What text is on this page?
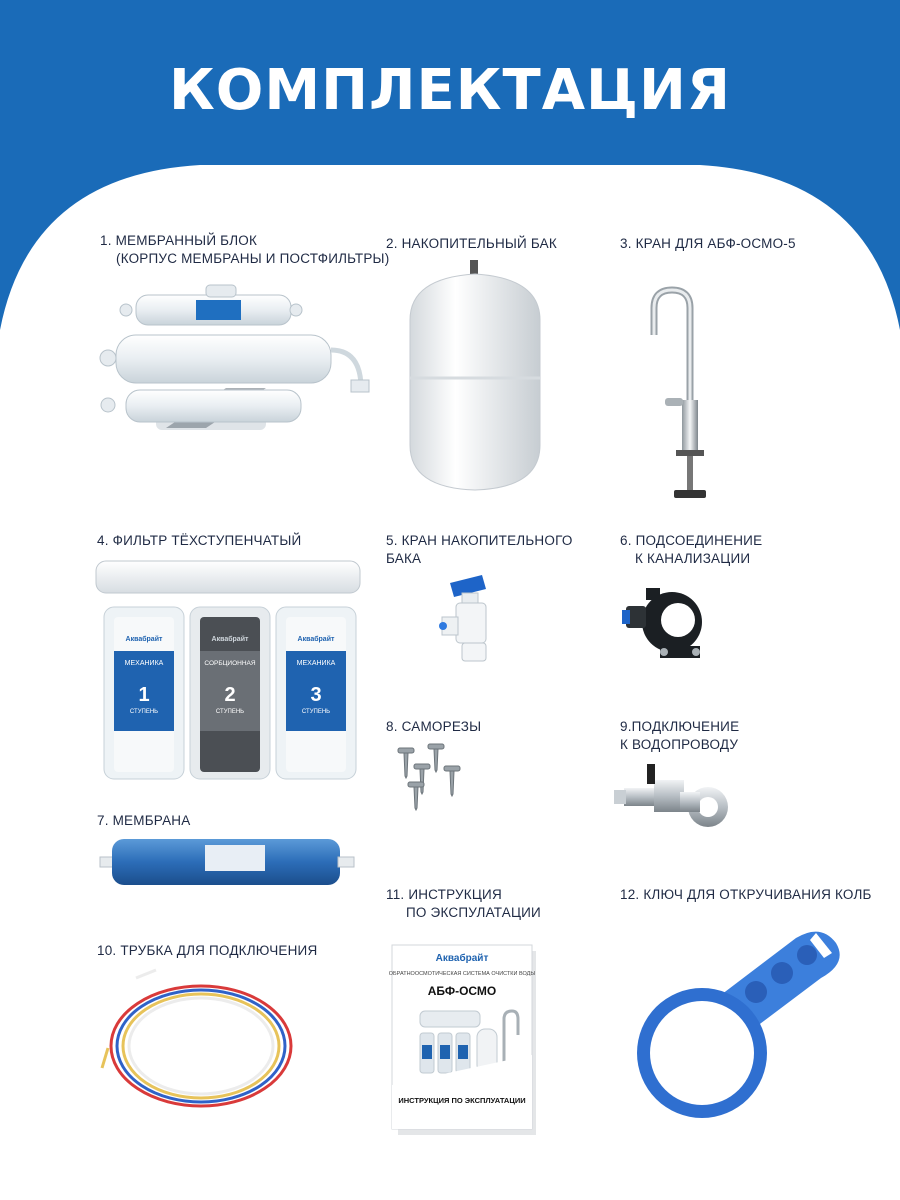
КОМПЛЕКТАЦИЯ
1. МЕМБРАННЫЙ БЛОК
(КОРПУС МЕМБРАНЫ И ПОСТФИЛЬТРЫ)
2. НАКОПИТЕЛЬНЫЙ БАК	3. КРАН ДЛЯ АБФ-ОСМО-5
4. ФИЛЬТР ТЁХСТУПЕНЧАТЫЙ	5. КРАН НАКОПИТЕЛЬНОГО
БАКА
6. ПОДСОЕДИНЕНИЕ
К КАНАЛИЗАЦИИ
7. МЕМБРАНА
8. САМОРЕЗЫ	9.ПОДКЛЮЧЕНИЕ
К ВОДОПРОВОДУ
10. ТРУБКА ДЛЯ ПОДКЛЮЧЕНИЯ
11. ИНСТРУКЦИЯ
ПО ЭКСПУЛАТАЦИИ
12. КЛЮЧ ДЛЯ ОТКРУЧИВАНИЯ КОЛБ
МЕХАНИКА
1
СТУПЕНЬ
Аквабрайт
СОРБЦИОННАЯ
2
СТУПЕНЬ
Аквабрайт
МЕХАНИКА
3
СТУПЕНЬ
Аквабрайт
Аквабрайт
ОБРАТНООСМОТИЧЕСКАЯ СИСТЕМА ОЧИСТКИ ВОДЫ
АБФ-ОСМО
ИНСТРУКЦИЯ ПО ЭКСПЛУАТАЦИИ
